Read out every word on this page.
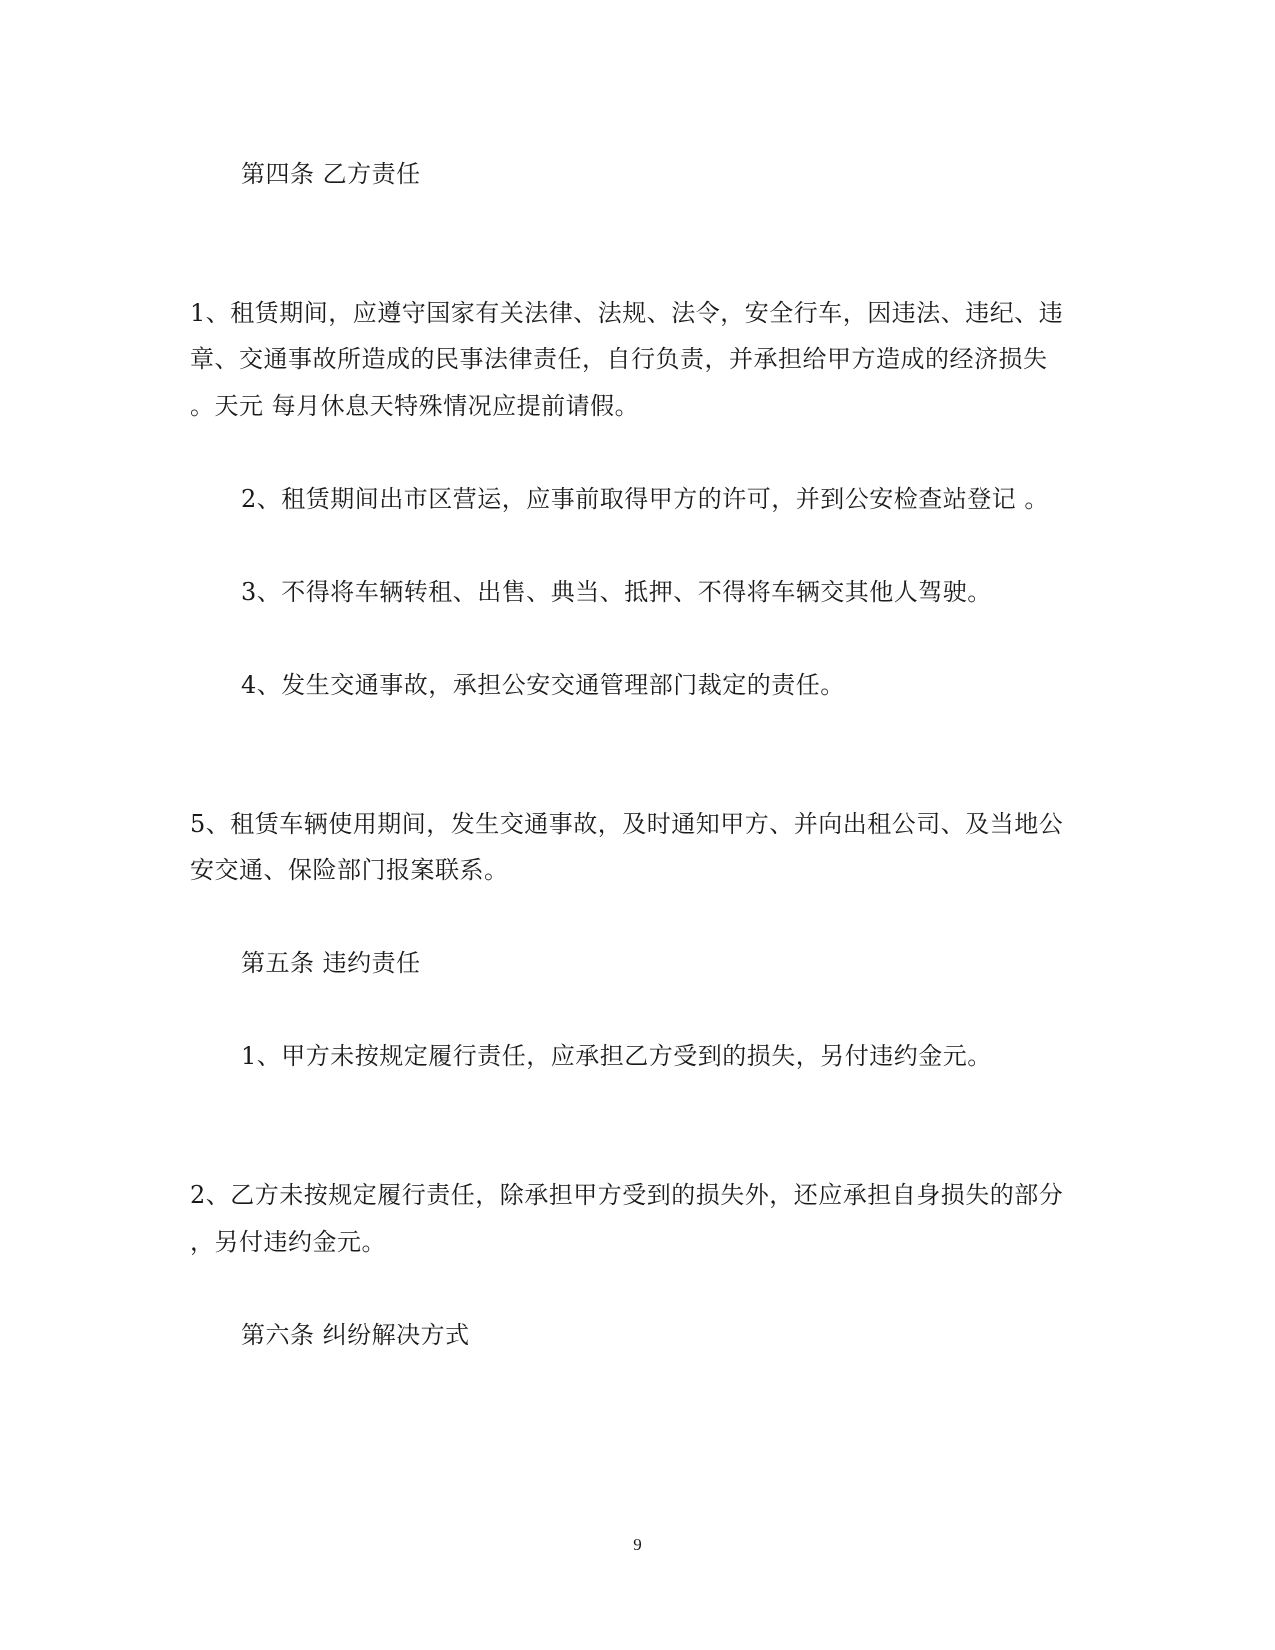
第四条 乙方责任
1、租赁期间，应遵守国家有关法律、法规、法令，安全行车，因违法、违纪、违
章、交通事故所造成的民事法律责任，自行负责，并承担给甲方造成的经济损失
。天元 每月休息天特殊情况应提前请假。
2、租赁期间出市区营运，应事前取得甲方的许可，并到公安检查站登记 。
3、不得将车辆转租、出售、典当、抵押、不得将车辆交其他人驾驶。
4、发生交通事故，承担公安交通管理部门裁定的责任。
5、租赁车辆使用期间，发生交通事故，及时通知甲方、并向出租公司、及当地公
安交通、保险部门报案联系。
第五条 违约责任
1、甲方未按规定履行责任，应承担乙方受到的损失，另付违约金元。
2、乙方未按规定履行责任，除承担甲方受到的损失外，还应承担自身损失的部分
，另付违约金元。
第六条 纠纷解决方式
9
